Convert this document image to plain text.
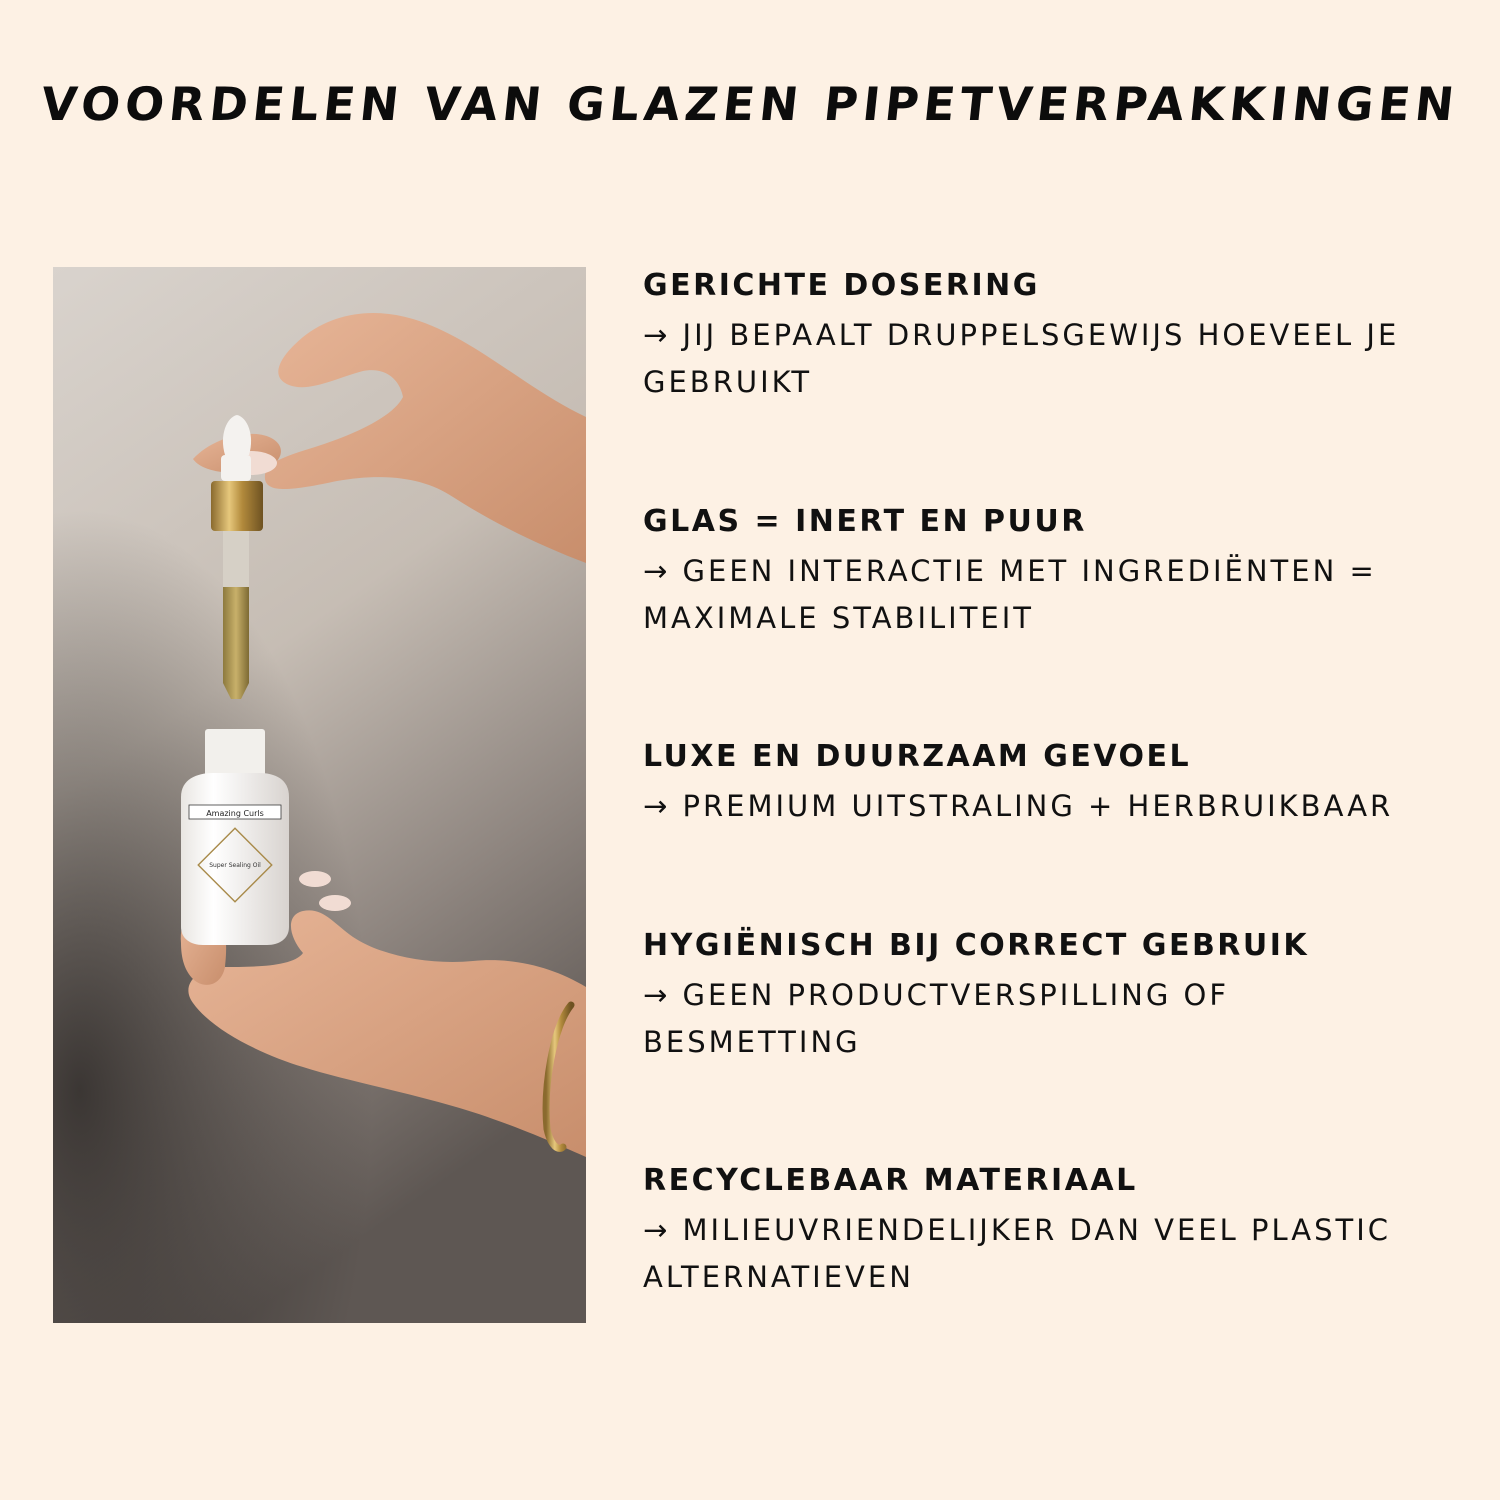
VOORDELEN VAN GLAZEN PIPETVERPAKKINGEN
Amazing Curls
Super Sealing Oil
GERICHTE DOSERING
→ JIJ BEPAALT DRUPPELSGEWIJS HOEVEEL JE GEBRUIKT
GLAS = INERT EN PUUR
→ GEEN INTERACTIE MET INGREDIËNTEN = MAXIMALE STABILITEIT
LUXE EN DUURZAAM GEVOEL
→ PREMIUM UITSTRALING + HERBRUIKBAAR
HYGIËNISCH BIJ CORRECT GEBRUIK
→ GEEN PRODUCTVERSPILLING OF BESMETTING
RECYCLEBAAR MATERIAAL
→ MILIEUVRIENDELIJKER DAN VEEL PLASTIC ALTERNATIEVEN
